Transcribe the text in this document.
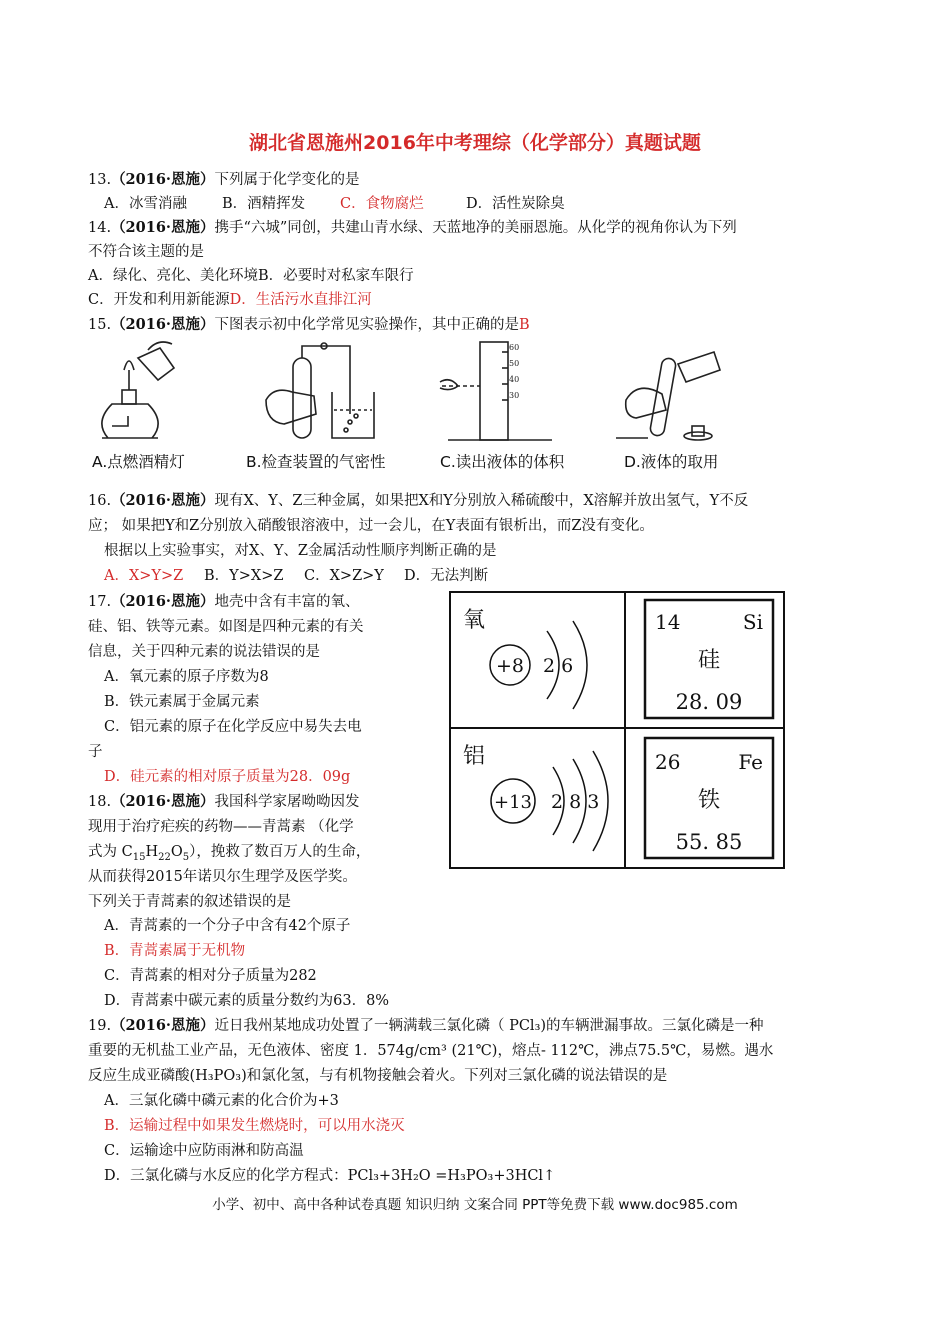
湖北省恩施州2016年中考理综（化学部分）真题试题
13.（2016·恩施）下列属于化学变化的是
A．冰雪消融 B．酒精挥发 C．食物腐烂	D．活性炭除臭
14.（2016·恩施）携手“六城”同创，共建山青水绿、天蓝地净的美丽恩施。从化学的视角你认为下列
不符合该主题的是
A．绿化、亮化、美化环境B．必要时对私家车限行
C．开发和利用新能源D．生活污水直排江河
15.（2016·恩施）下图表示初中化学常见实验操作，其中正确的是B
60
50
40
30
A.点燃酒精灯	B.检查装置的气密性	C.读出液体的体积	D.液体的取用
16.（2016·恩施）现有X、Y、Z三种金属，如果把X和Y分别放入稀硫酸中，X溶解并放出氢气，Y不反
应； 如果把Y和Z分别放入硝酸银溶液中，过一会儿，在Y表面有银析出，而Z没有变化。
根据以上实验事实，对X、Y、Z金属活动性顺序判断正确的是
A．X>Y>Z B．Y>X>Z C．X>Z>Y D．无法判断
17.（2016·恩施）地壳中含有丰富的氧、
硅、铝、铁等元素。如图是四种元素的有关
信息，关于四种元素的说法错误的是
A．氧元素的原子序数为8
B．铁元素属于金属元素
C．铝元素的原子在化学反应中易失去电
子
D．硅元素的相对原子质量为28．09g
氧
+8 2 6
铝
+13 2 8 3
14	Si
硅
28. 09
26	Fe
铁
55. 85
18.（2016·恩施）我国科学家屠呦呦因发
现用于治疗疟疾的药物——青蒿素 （化学
式为 $C_{15}H_{22}O_5$），挽救了数百万人的生命，
从而获得2015年诺贝尔生理学及医学奖。
下列关于青蒿素的叙述错误的是
A．青蒿素的一个分子中含有42个原子
B．青蒿素属于无机物
C．青蒿素的相对分子质量为282
D．青蒿素中碳元素的质量分数约为63．8%
19.（2016·恩施）近日我州某地成功处置了一辆满载三氯化磷（ PCl₃)的车辆泄漏事故。三氯化磷是一种
重要的无机盐工业产品，无色液体、密度 1．574g/cm³ (21℃)，熔点- 112℃，沸点75.5℃，易燃。遇水
反应生成亚磷酸(H₃PO₃)和氯化氢，与有机物接触会着火。下列对三氯化磷的说法错误的是
A．三氯化磷中磷元素的化合价为+3
B．运输过程中如果发生燃烧时，可以用水浇灭
C．运输途中应防雨淋和防高温
D．三氯化磷与水反应的化学方程式：PCl₃+3H₂O =H₃PO₃+3HCl↑
小学、初中、高中各种试卷真题 知识归纳 文案合同 PPT等免费下载 www.doc985.com
